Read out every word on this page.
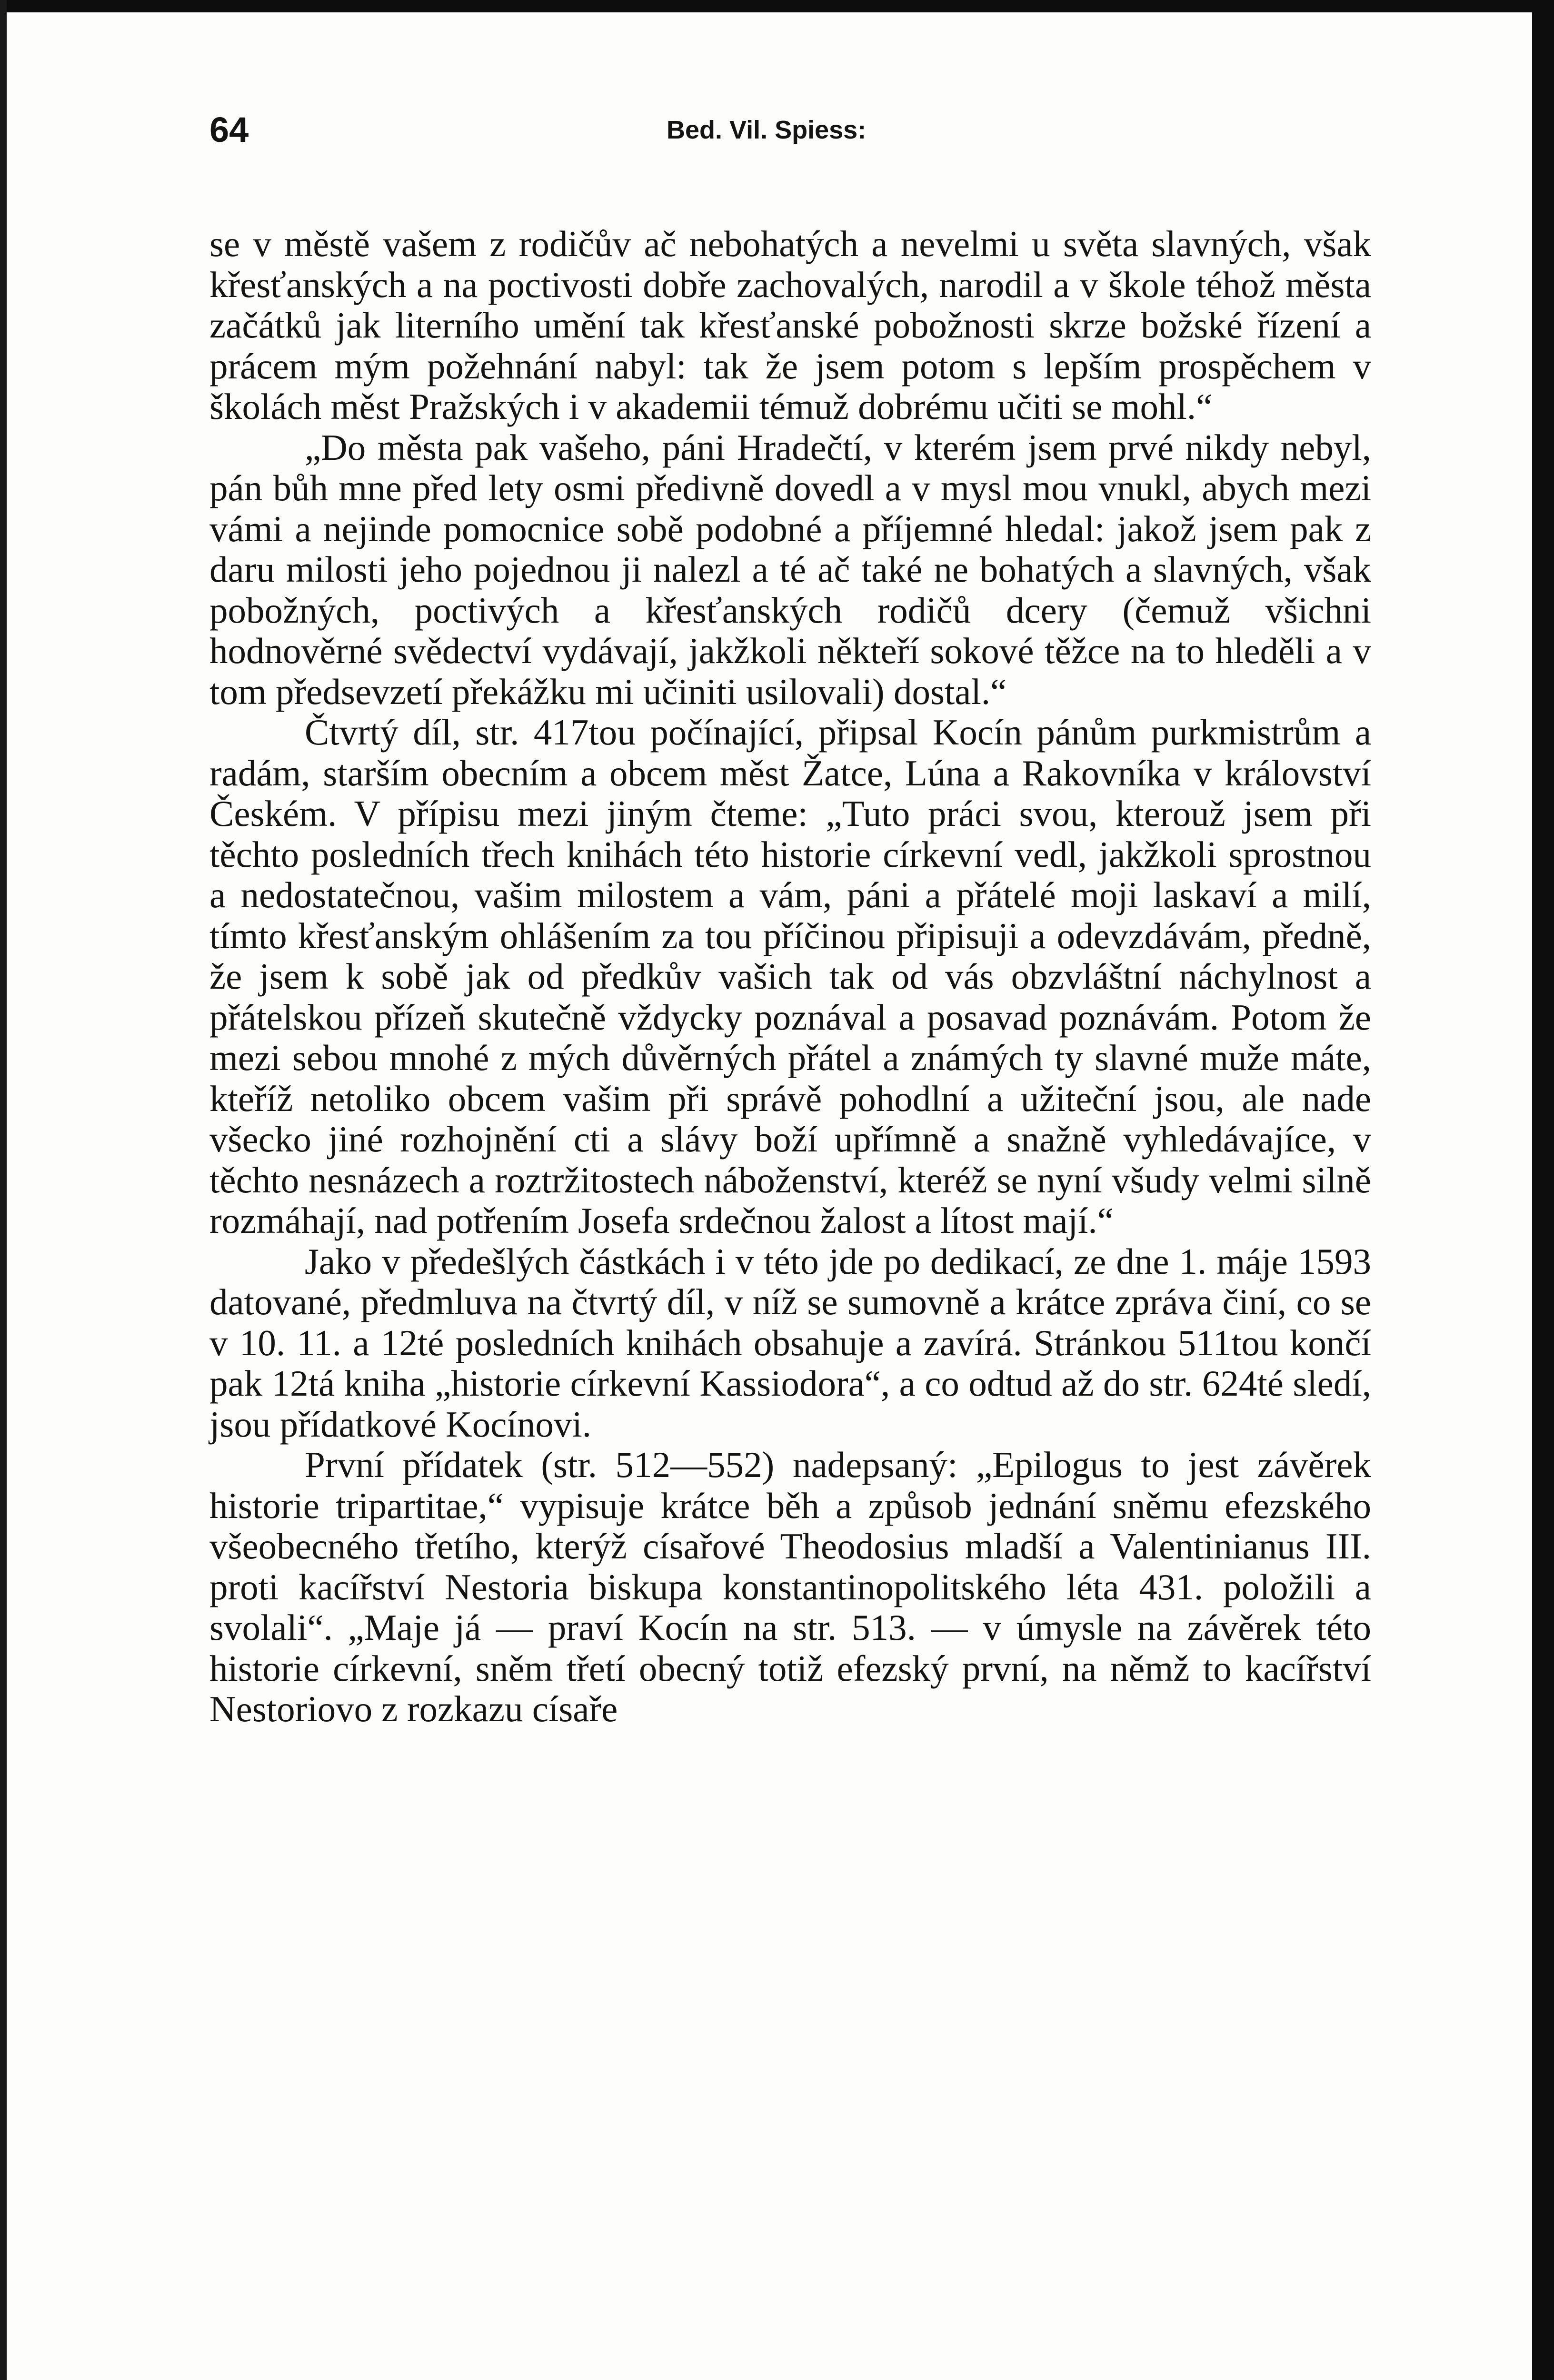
64	Bed. Vil. Spiess:

se v městě vašem z rodičův ač nebohatých a nevelmi u světa slavných, však křesťanských a na poctivosti dobře zachovalých, narodil a v škole téhož města začátků jak literního umění tak křesťanské pobožnosti skrze božské řízení a prácem mým požehnání nabyl: tak že jsem potom s lepším prospěchem v školách měst Pražských i v akademii témuž dobrému učiti se mohl.“

„Do města pak vašeho, páni Hradečtí, v kterém jsem prvé nikdy nebyl, pán bůh mne před lety osmi předivně dovedl a v mysl mou vnukl, abych mezi vámi a nejinde pomocnice sobě podobné a příjemné hledal: jakož jsem pak z daru milosti jeho pojednou ji nalezl a té ač také ne bohatých a slavných, však pobožných, poctivých a křesťanských rodičů dcery (čemuž všichni hodnověrné svědectví vydávají, jakžkoli někteří sokové těžce na to hleděli a v tom předsevzetí překážku mi učiniti usilovali) dostal.“

Čtvrtý díl, str. 417tou počínající, připsal Kocín pánům purkmistrům a radám, starším obecním a obcem měst Žatce, Lúna a Rakovníka v království Českém. V přípisu mezi jiným čteme: „Tuto práci svou, kterouž jsem při těchto posledních třech knihách této historie církevní vedl, jakžkoli sprostnou a nedostatečnou, vašim milostem a vám, páni a přátelé moji laskaví a milí, tímto křesťanským ohlášením za tou příčinou připisuji a odevzdávám, předně, že jsem k sobě jak od předkův vašich tak od vás obzvláštní náchylnost a přátelskou přízeň skutečně vždycky poznával a posavad poznávám. Potom že mezi sebou mnohé z mých důvěrných přátel a známých ty slavné muže máte, kteříž netoliko obcem vašim při správě pohodlní a užiteční jsou, ale nade všecko jiné rozhojnění cti a slávy boží upřímně a snažně vyhledávajíce, v těchto nesnázech a roztržitostech náboženství, kteréž se nyní všudy velmi silně rozmáhají, nad potřením Josefa srdečnou žalost a lítost mají.“

Jako v předešlých částkách i v této jde po dedikací, ze dne 1. máje 1593 datované, předmluva na čtvrtý díl, v níž se sumovně a krátce zpráva činí, co se v 10. 11. a 12té posledních knihách obsahuje a zavírá. Stránkou 511tou končí pak 12tá kniha „historie církevní Kassiodora“, a co odtud až do str. 624té sledí, jsou přídatkové Kocínovi.

První přídatek (str. 512—552) nadepsaný: „Epilogus to jest závěrek historie tripartitae,“ vypisuje krátce běh a způsob jednání sněmu efezského všeobecného třetího, kterýž císařové Theodosius mladší a Valentinianus III. proti kacířství Nestoria biskupa konstantinopolitského léta 431. položili a svolali“. „Maje já — praví Kocín na str. 513. — v úmysle na závěrek této historie církevní, sněm třetí obecný totiž efezský první, na němž to kacířství Nestoriovo z rozkazu císaře
